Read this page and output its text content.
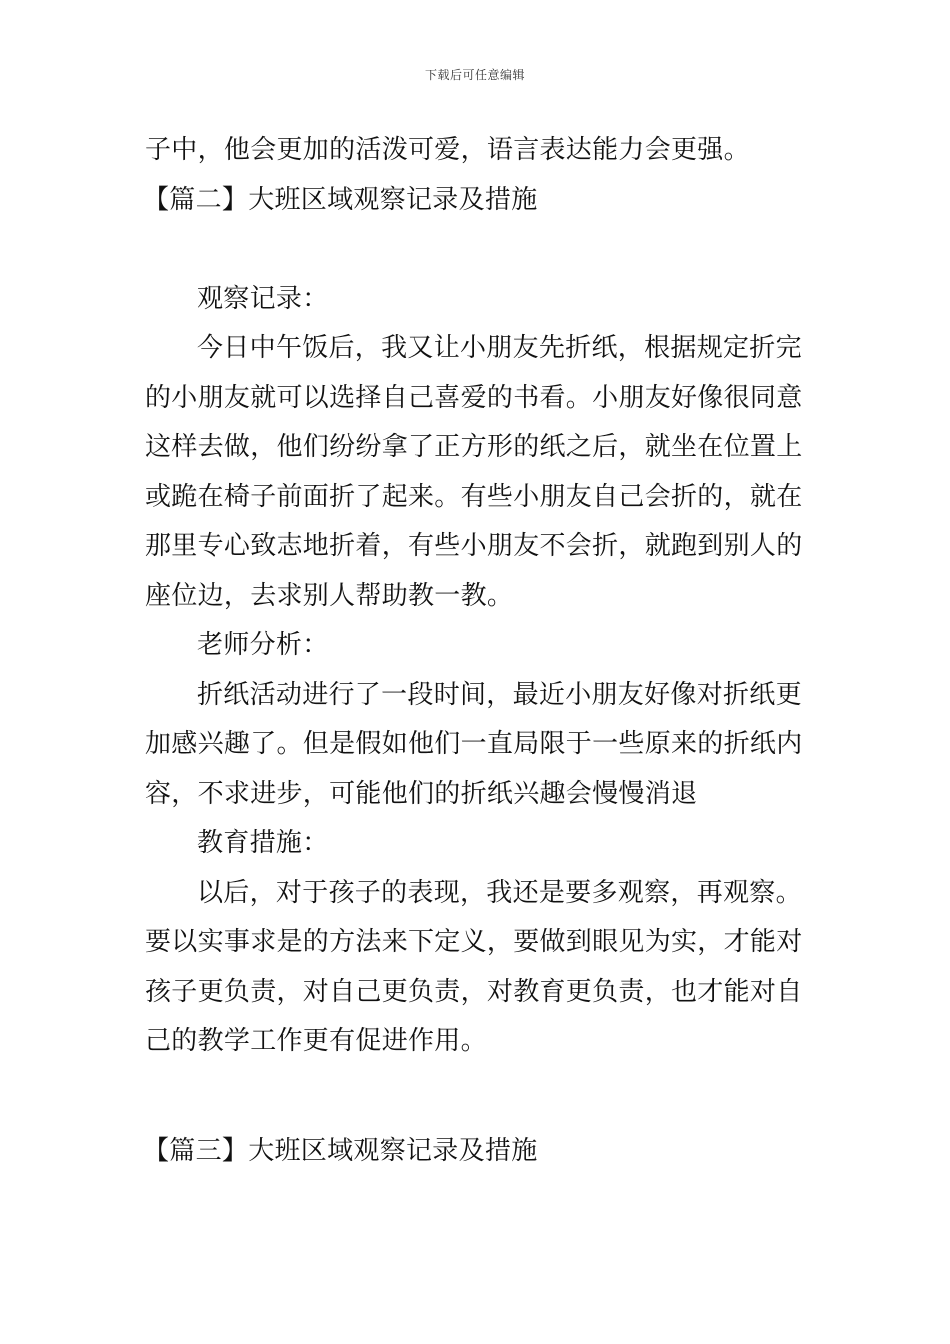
下载后可任意编辑
子中，他会更加的活泼可爱，语言表达能力会更强。
【篇二】大班区域观察记录及措施
观察记录：
今日中午饭后，我又让小朋友先折纸，根据规定折完
的小朋友就可以选择自己喜爱的书看。小朋友好像很同意
这样去做，他们纷纷拿了正方形的纸之后，就坐在位置上
或跪在椅子前面折了起来。有些小朋友自己会折的，就在
那里专心致志地折着，有些小朋友不会折，就跑到别人的
座位边，去求别人帮助教一教。
老师分析：
折纸活动进行了一段时间，最近小朋友好像对折纸更
加感兴趣了。但是假如他们一直局限于一些原来的折纸内
容，不求进步，可能他们的折纸兴趣会慢慢消退
教育措施：
以后，对于孩子的表现，我还是要多观察，再观察。
要以实事求是的方法来下定义，要做到眼见为实，才能对
孩子更负责，对自己更负责，对教育更负责，也才能对自
己的教学工作更有促进作用。
【篇三】大班区域观察记录及措施
